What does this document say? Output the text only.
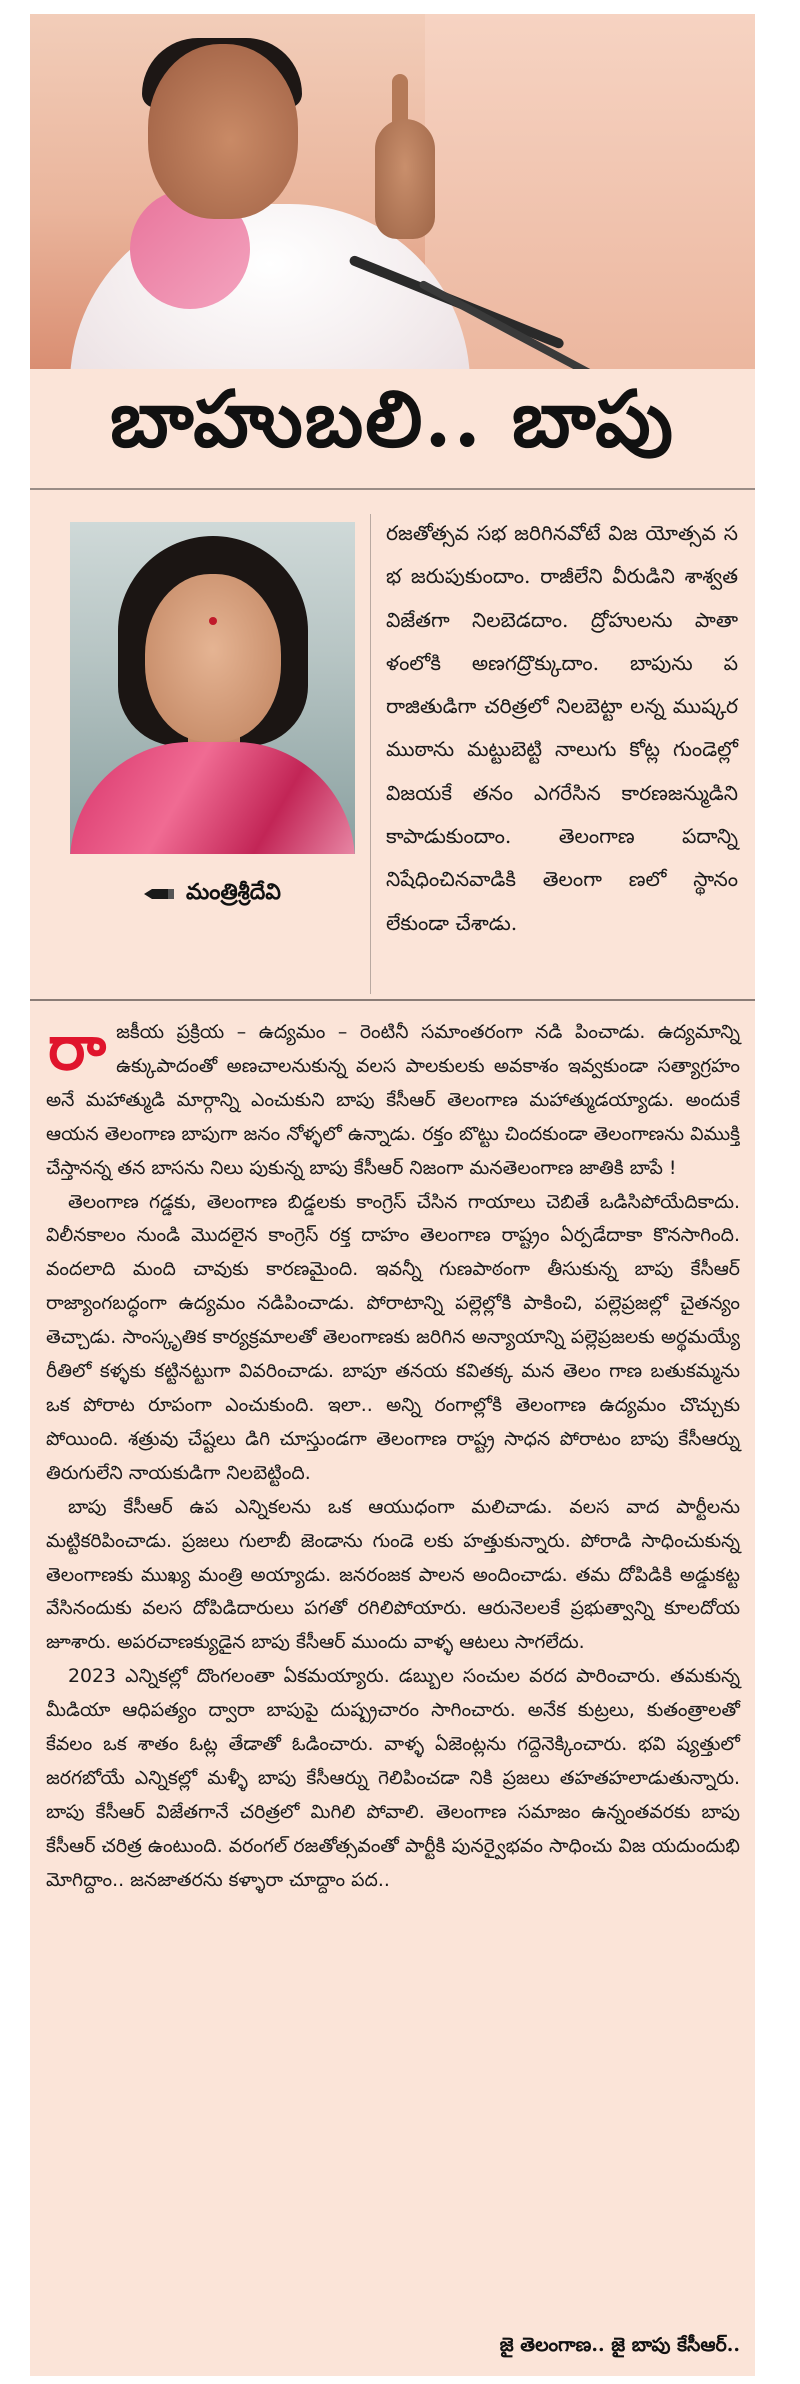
బాహుబలి.. బాపు
మంత్రిశ్రీదేవి
రజతోత్సవ సభ జరిగినవోటే విజ యోత్సవ సభ జరుపుకుందాం. రాజీలేని వీరుడిని శాశ్వత విజేతగా నిలబెడదాం. ద్రోహులను పాతా ళంలోకి అణగద్రొక్కుదాం. బాపును పరాజితుడిగా చరిత్రలో నిలబెట్టా లన్న ముష్కరముఠాను మట్టుబెట్టి నాలుగు కోట్ల గుండెల్లో విజయకే తనం ఎగరేసిన కారణజన్ముడిని కాపాడుకుందాం. తెలంగాణ పదాన్ని నిషేధించినవాడికి తెలంగా ణలో స్థానం లేకుండా చేశాడు.

రాజకీయ ప్రక్రియ – ఉద్యమం – రెంటినీ సమాంతరంగా నడి పించాడు. ఉద్యమాన్ని ఉక్కుపాదంతో అణచాలనుకున్న వలస పాలకులకు అవకాశం ఇవ్వకుండా సత్యాగ్రహం అనే మహాత్ముడి మార్గాన్ని ఎంచుకుని బాపు కేసీఆర్ తెలంగాణ మహాత్ముడయ్యాడు. అందుకే ఆయన తెలంగాణ బాపుగా జనం నోళ్ళలో ఉన్నాడు. రక్తం బొట్టు చిందకుండా తెలంగాణను విముక్తి చేస్తానన్న తన బాసను నిలు పుకున్న బాపు కేసీఆర్ నిజంగా మనతెలంగాణ జాతికి బాపే !

తెలంగాణ గడ్డకు, తెలంగాణ బిడ్డలకు కాంగ్రెస్ చేసిన గాయాలు చెబితే ఒడిసిపోయేదికాదు. విలీనకాలం నుండి మొదలైన కాంగ్రెస్ రక్త దాహం తెలంగాణ రాష్ట్రం ఏర్పడేదాకా కొనసాగింది. వందలాది మంది చావుకు కారణమైంది. ఇవన్నీ గుణపాఠంగా తీసుకున్న బాపు కేసీఆర్ రాజ్యాంగబద్ధంగా ఉద్యమం నడిపించాడు. పోరాటాన్ని పల్లెల్లోకి పాకించి, పల్లెప్రజల్లో చైతన్యం తెచ్చాడు. సాంస్కృతిక కార్యక్రమాలతో తెలంగాణకు జరిగిన అన్యాయాన్ని పల్లెప్రజలకు అర్థమయ్యే రీతిలో కళ్ళకు కట్టినట్టుగా వివరించాడు. బాపూ తనయ కవితక్క మన తెలం గాణ బతుకమ్మను ఒక పోరాట రూపంగా ఎంచుకుంది. ఇలా.. అన్ని రంగాల్లోకి తెలంగాణ ఉద్యమం చొచ్చుకు పోయింది. శత్రువు చేష్టలు డిగి చూస్తుండగా తెలంగాణ రాష్ట్ర సాధన పోరాటం బాపు కేసీఆర్ను తిరుగులేని నాయకుడిగా నిలబెట్టింది.

బాపు కేసీఆర్ ఉప ఎన్నికలను ఒక ఆయుధంగా మలిచాడు. వలస వాద పార్టీలను మట్టికరిపించాడు. ప్రజలు గులాబీ జెండాను గుండె లకు హత్తుకున్నారు. పోరాడి సాధించుకున్న తెలంగాణకు ముఖ్య మంత్రి అయ్యాడు. జనరంజక పాలన అందించాడు. తమ దోపిడికి అడ్డుకట్ట వేసినందుకు వలస దోపిడిదారులు పగతో రగిలిపోయారు. ఆరునెలలకే ప్రభుత్వాన్ని కూలదోయ జూశారు. అపరచాణక్యుడైన బాపు కేసీఆర్ ముందు వాళ్ళ ఆటలు సాగలేదు.

2023 ఎన్నికల్లో దొంగలంతా ఏకమయ్యారు. డబ్బుల సంచుల వరద పారించారు. తమకున్న మీడియా ఆధిపత్యం ద్వారా బాపుపై దుష్ప్రచారం సాగించారు. అనేక కుట్రలు, కుతంత్రాలతో కేవలం ఒక శాతం ఓట్ల తేడాతో ఓడించారు. వాళ్ళ ఏజెంట్లను గద్దెనెక్కించారు. భవి ష్యత్తులో జరగబోయే ఎన్నికల్లో మళ్ళీ బాపు కేసీఆర్ను గెలిపించడా నికి ప్రజలు తహతహలాడుతున్నారు. బాపు కేసీఆర్ విజేతగానే చరిత్రలో మిగిలి పోవాలి. తెలంగాణ సమాజం ఉన్నంతవరకు బాపు కేసీఆర్ చరిత్ర ఉంటుంది. వరంగల్ రజతోత్సవంతో పార్టీకి పునర్వైభవం సాధించు విజ యదుందుభి మోగిద్దాం.. జనజాతరను కళ్ళారా చూద్దాం పద..

జై తెలంగాణ.. జై బాపు కేసీఆర్..
